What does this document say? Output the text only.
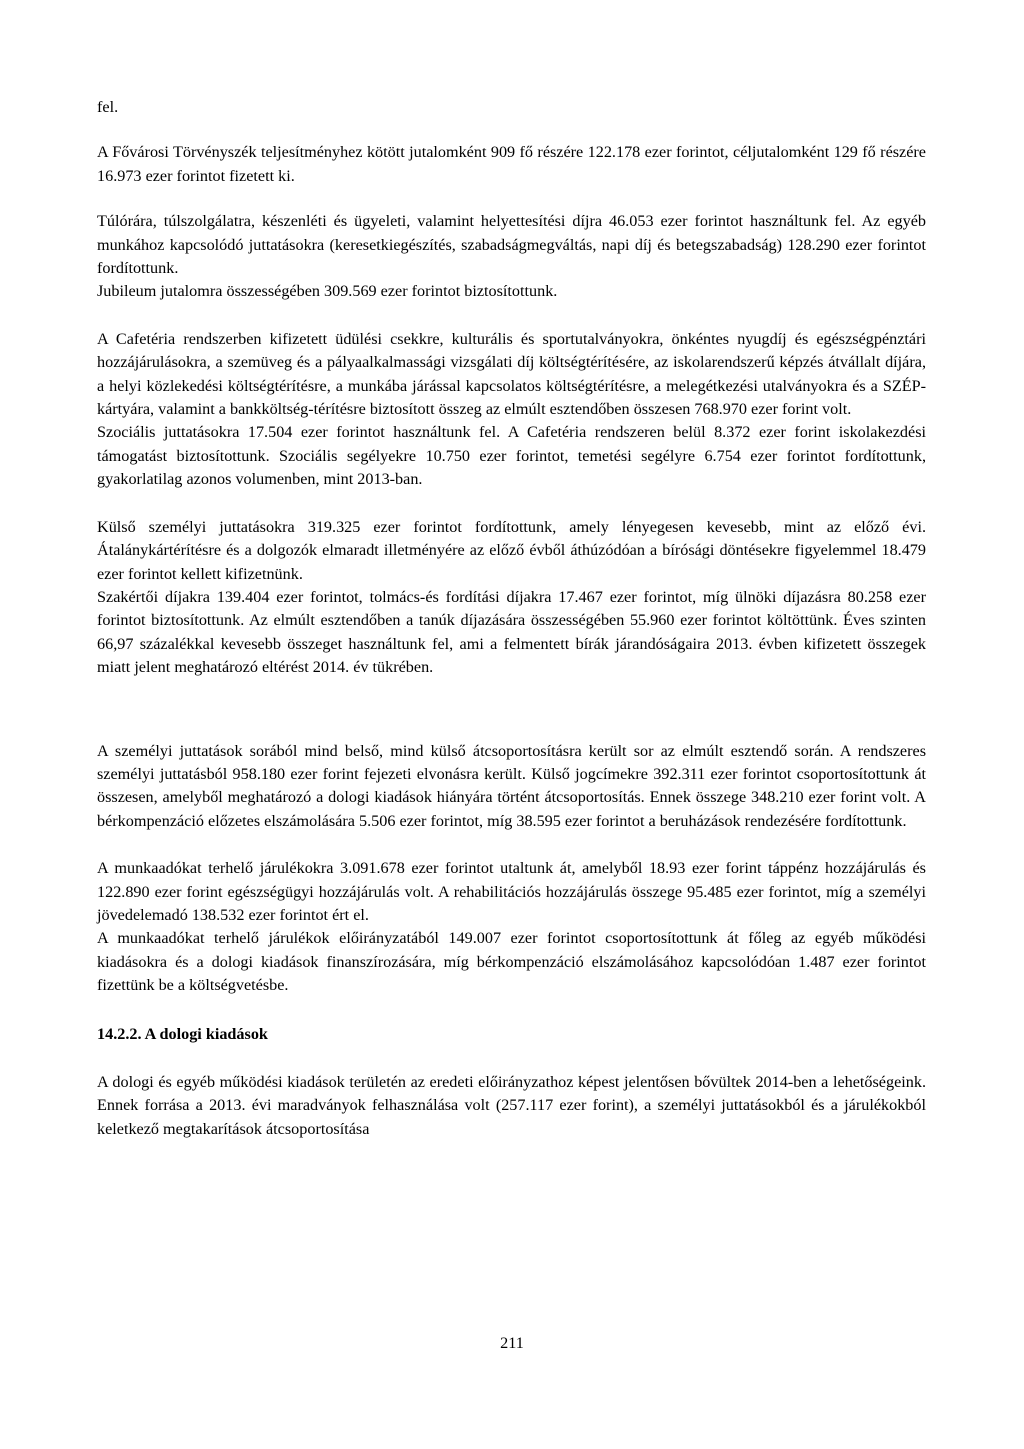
fel.

A Fővárosi Törvényszék teljesítményhez kötött jutalomként 909 fő részére 122.178 ezer forintot, céljutalomként 129 fő részére 16.973 ezer forintot fizetett ki.

Túlórára, túlszolgálatra, készenléti és ügyeleti, valamint helyettesítési díjra 46.053 ezer forintot használtunk fel. Az egyéb munkához kapcsolódó juttatásokra (keresetkiegészítés, szabadságmegváltás, napi díj és betegszabadság) 128.290 ezer forintot fordítottunk.

Jubileum jutalomra összességében 309.569 ezer forintot biztosítottunk.

A Cafetéria rendszerben kifizetett üdülési csekkre, kulturális és sportutalványokra, önkéntes nyugdíj és egészségpénztári hozzájárulásokra, a szemüveg és a pályaalkalmassági vizsgálati díj költségtérítésére, az iskolarendszerű képzés átvállalt díjára, a helyi közlekedési költségtérítésre, a munkába járással kapcsolatos költségtérítésre, a melegétkezési utalványokra és a SZÉP-kártyára, valamint a bankköltség-térítésre biztosított összeg az elmúlt esztendőben összesen 768.970 ezer forint volt.

Szociális juttatásokra 17.504 ezer forintot használtunk fel. A Cafetéria rendszeren belül 8.372 ezer forint iskolakezdési támogatást biztosítottunk. Szociális segélyekre 10.750 ezer forintot, temetési segélyre 6.754 ezer forintot fordítottunk, gyakorlatilag azonos volumenben, mint 2013-ban.

Külső személyi juttatásokra 319.325 ezer forintot fordítottunk, amely lényegesen kevesebb, mint az előző évi. Átalánykártérítésre és a dolgozók elmaradt illetményére az előző évből áthúzódóan a bírósági döntésekre figyelemmel 18.479 ezer forintot kellett kifizetnünk.

Szakértői díjakra 139.404 ezer forintot, tolmács-és fordítási díjakra 17.467 ezer forintot, míg ülnöki díjazásra 80.258 ezer forintot biztosítottunk. Az elmúlt esztendőben a tanúk díjazására összességében 55.960 ezer forintot költöttünk. Éves szinten 66,97 százalékkal kevesebb összeget használtunk fel, ami a felmentett bírák járandóságaira 2013. évben kifizetett összegek miatt jelent meghatározó eltérést 2014. év tükrében.

A személyi juttatások sorából mind belső, mind külső átcsoportosításra került sor az elmúlt esztendő során. A rendszeres személyi juttatásból 958.180 ezer forint fejezeti elvonásra került. Külső jogcímekre 392.311 ezer forintot csoportosítottunk át összesen, amelyből meghatározó a dologi kiadások hiányára történt átcsoportosítás. Ennek összege 348.210 ezer forint volt. A bérkompenzáció előzetes elszámolására 5.506 ezer forintot, míg 38.595 ezer forintot a beruházások rendezésére fordítottunk.

A munkaadókat terhelő járulékokra 3.091.678 ezer forintot utaltunk át, amelyből 18.93 ezer forint táppénz hozzájárulás és 122.890 ezer forint egészségügyi hozzájárulás volt. A rehabilitációs hozzájárulás összege 95.485 ezer forintot, míg a személyi jövedelemadó 138.532 ezer forintot ért el.

A munkaadókat terhelő járulékok előirányzatából 149.007 ezer forintot csoportosítottunk át főleg az egyéb működési kiadásokra és a dologi kiadások finanszírozására, míg bérkompenzáció elszámolásához kapcsolódóan 1.487 ezer forintot fizettünk be a költségvetésbe.

14.2.2. A dologi kiadások

A dologi és egyéb működési kiadások területén az eredeti előirányzathoz képest jelentősen bővültek 2014-ben a lehetőségeink. Ennek forrása a 2013. évi maradványok felhasználása volt (257.117 ezer forint), a személyi juttatásokból és a járulékokból keletkező megtakarítások átcsoportosítása

211
